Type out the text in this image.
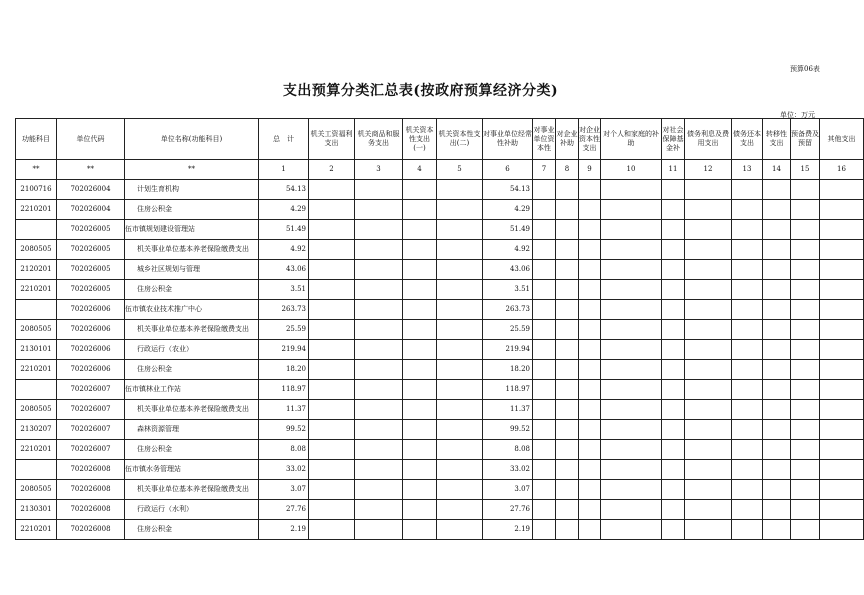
预算06表
支出预算分类汇总表(按政府预算经济分类)
单位：万元
功能科目	单位代码	单位名称(功能科目)	总　计	机关工资福利支出	机关商品和服务支出	机关资本性支出(一)	机关资本性支出(二)	对事业单位经常性补助	对事业单位资本性	对企业补助	对企业资本性支出	对个人和家庭的补助	对社会保障基金补	债务利息及费用支出	债务还本支出	转移性支出	预备费及预留	其他支出
**	**	**	1	2	3	4	5	6	7	8	9	10	11	12	13	14	15	16
2100716	702026004	计划生育机构	54.13					54.13										
2210201	702026004	住房公积金	4.29					4.29										
	702026005	伍市镇规划建设管理站	51.49					51.49										
2080505	702026005	机关事业单位基本养老保险缴费支出	4.92					4.92										
2120201	702026005	城乡社区规划与管理	43.06					43.06										
2210201	702026005	住房公积金	3.51					3.51										
	702026006	伍市镇农业技术推广中心	263.73					263.73										
2080505	702026006	机关事业单位基本养老保险缴费支出	25.59					25.59										
2130101	702026006	行政运行（农业）	219.94					219.94										
2210201	702026006	住房公积金	18.20					18.20										
	702026007	伍市镇林业工作站	118.97					118.97										
2080505	702026007	机关事业单位基本养老保险缴费支出	11.37					11.37										
2130207	702026007	森林资源管理	99.52					99.52										
2210201	702026007	住房公积金	8.08					8.08										
	702026008	伍市镇水务管理站	33.02					33.02										
2080505	702026008	机关事业单位基本养老保险缴费支出	3.07					3.07										
2130301	702026008	行政运行（水利）	27.76					27.76										
2210201	702026008	住房公积金	2.19					2.19										
